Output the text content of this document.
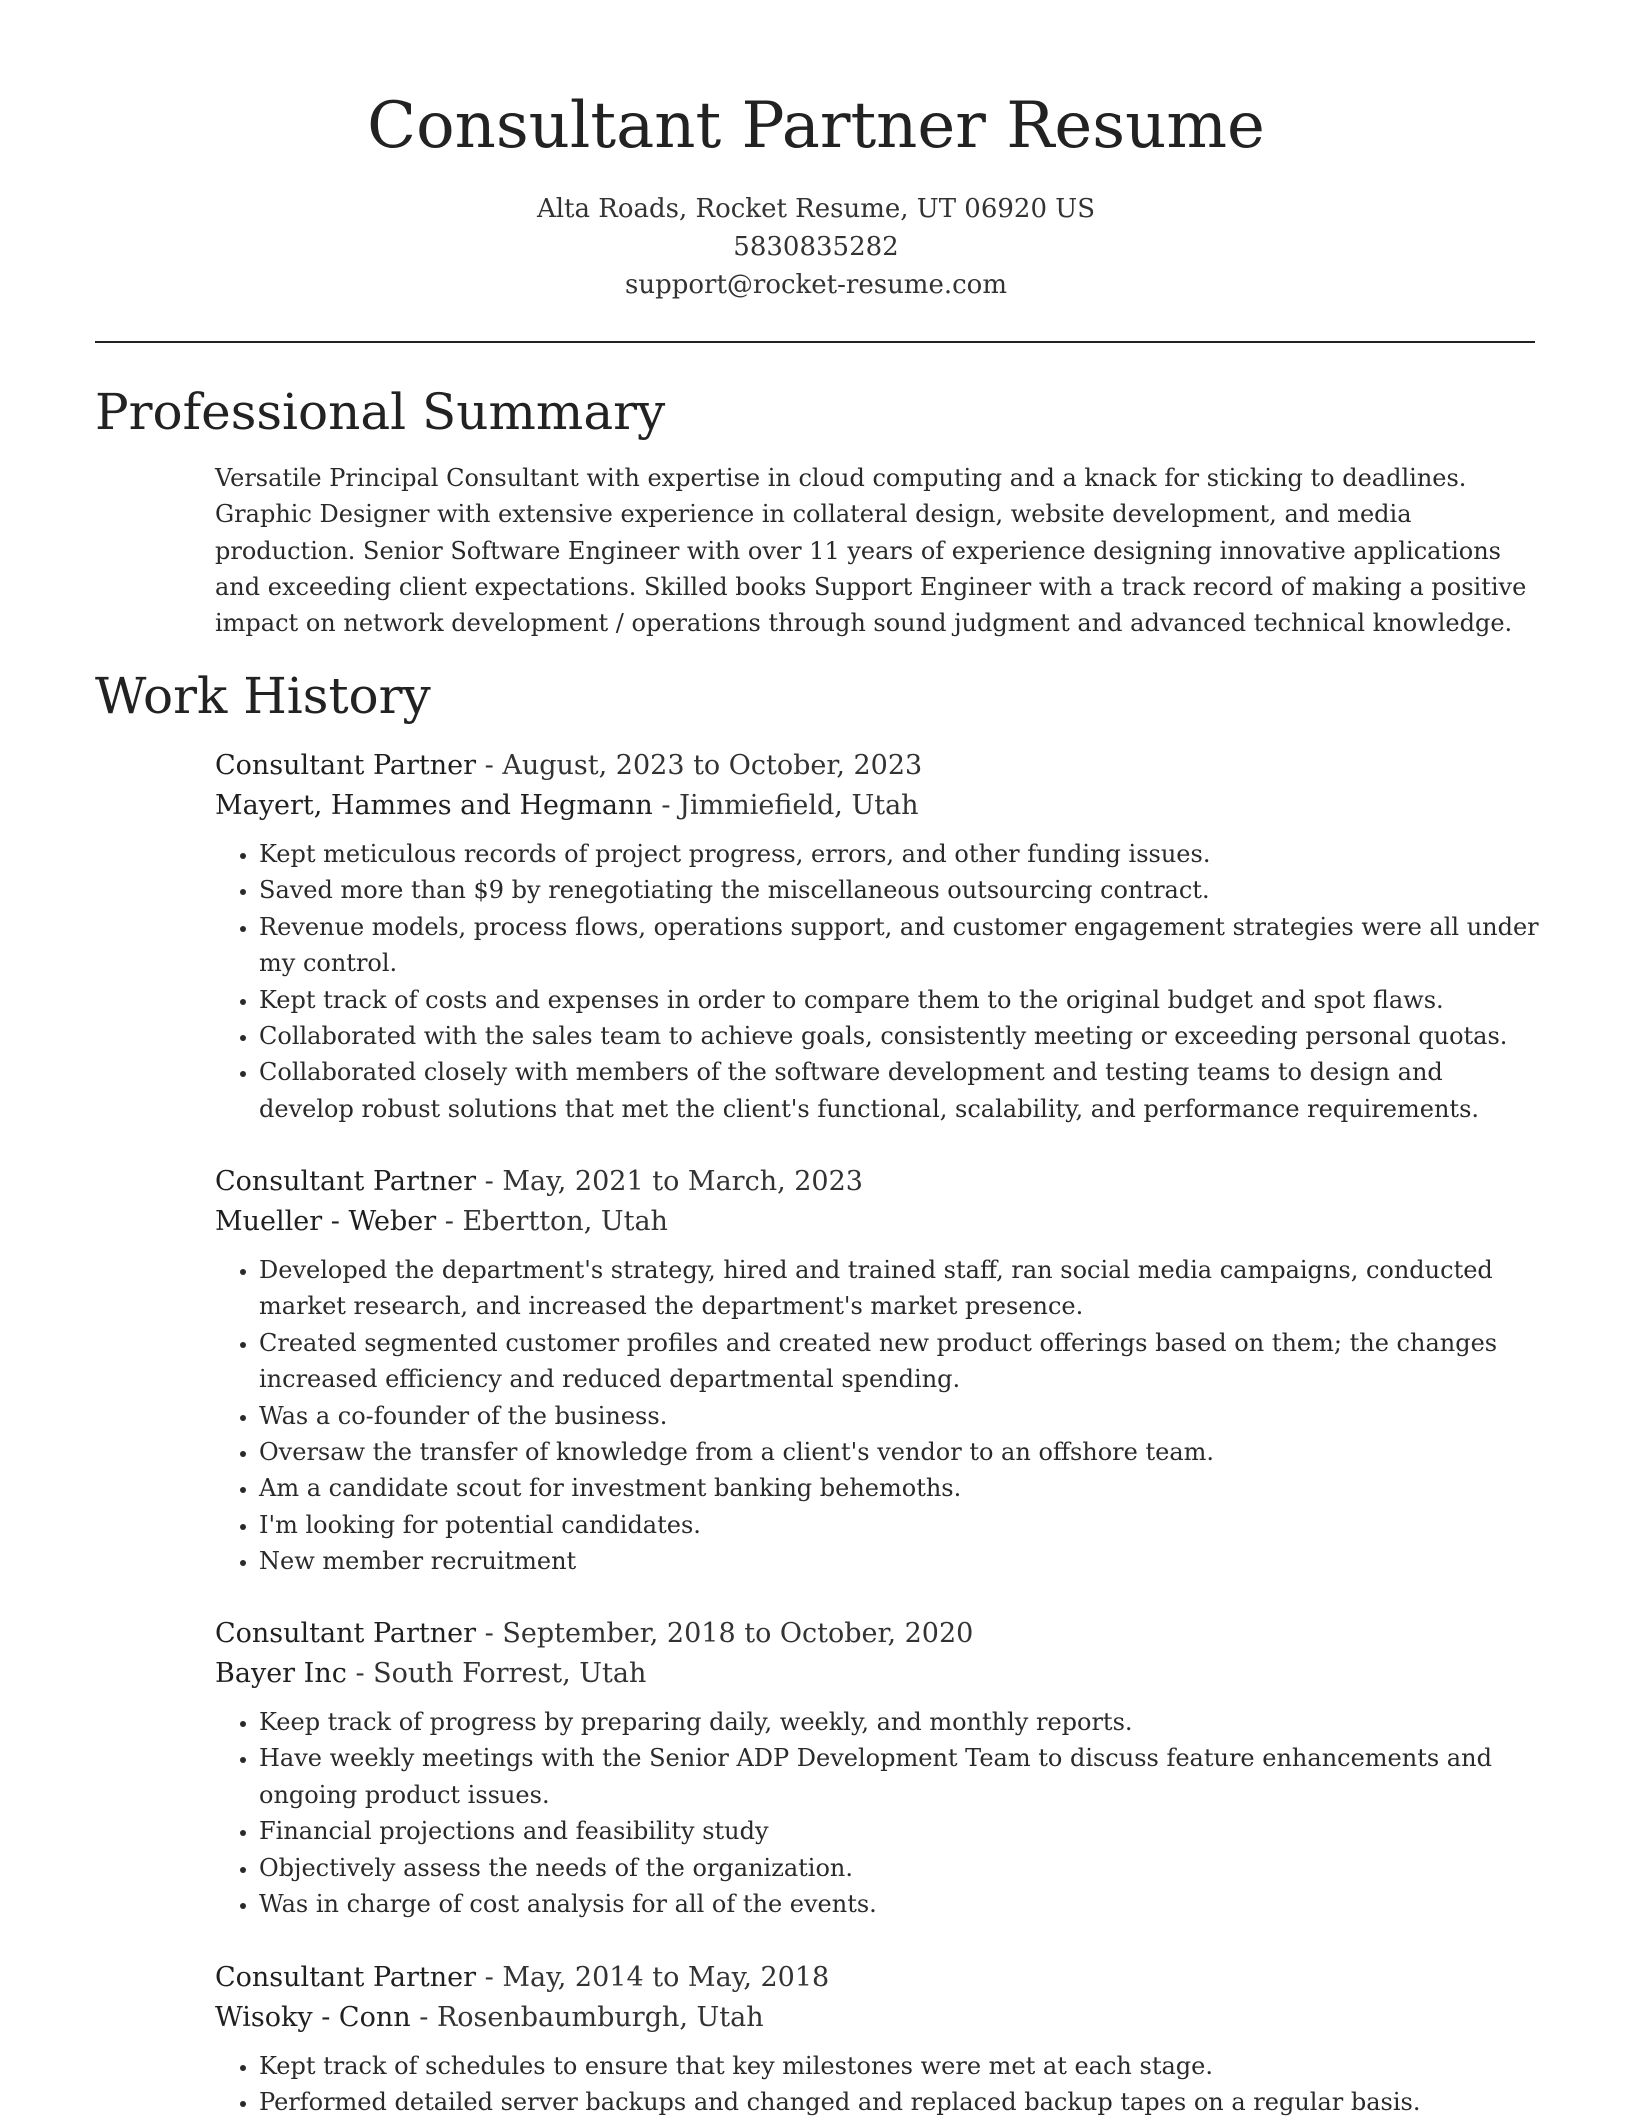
Consultant Partner Resume
Alta Roads, Rocket Resume, UT 06920 US
5830835282
support@rocket-resume.com
Professional Summary

Versatile Principal Consultant with expertise in cloud computing and a knack for sticking to deadlines. Graphic Designer with extensive experience in collateral design, website development, and media production. Senior Software Engineer with over 11 years of experience designing innovative applications and exceeding client expectations. Skilled books Support Engineer with a track record of making a positive impact on network development / operations through sound judgment and advanced technical knowledge.

Work History
Consultant Partner - August, 2023 to October, 2023
Mayert, Hammes and Hegmann - Jimmiefield, Utah
• Kept meticulous records of project progress, errors, and other funding issues.
• Saved more than $9 by renegotiating the miscellaneous outsourcing contract.
• Revenue models, process flows, operations support, and customer engagement strategies were all under my control.
• Kept track of costs and expenses in order to compare them to the original budget and spot flaws.
• Collaborated with the sales team to achieve goals, consistently meeting or exceeding personal quotas.
• Collaborated closely with members of the software development and testing teams to design and develop robust solutions that met the client's functional, scalability, and performance requirements.
Consultant Partner - May, 2021 to March, 2023
Mueller - Weber - Ebertton, Utah
• Developed the department's strategy, hired and trained staff, ran social media campaigns, conducted market research, and increased the department's market presence.
• Created segmented customer profiles and created new product offerings based on them; the changes increased efficiency and reduced departmental spending.
• Was a co-founder of the business.
• Oversaw the transfer of knowledge from a client's vendor to an offshore team.
• Am a candidate scout for investment banking behemoths.
• I'm looking for potential candidates.
• New member recruitment
Consultant Partner - September, 2018 to October, 2020
Bayer Inc - South Forrest, Utah
• Keep track of progress by preparing daily, weekly, and monthly reports.
• Have weekly meetings with the Senior ADP Development Team to discuss feature enhancements and ongoing product issues.
• Financial projections and feasibility study
• Objectively assess the needs of the organization.
• Was in charge of cost analysis for all of the events.
Consultant Partner - May, 2014 to May, 2018
Wisoky - Conn - Rosenbaumburgh, Utah
• Kept track of schedules to ensure that key milestones were met at each stage.
• Performed detailed server backups and changed and replaced backup tapes on a regular basis.
